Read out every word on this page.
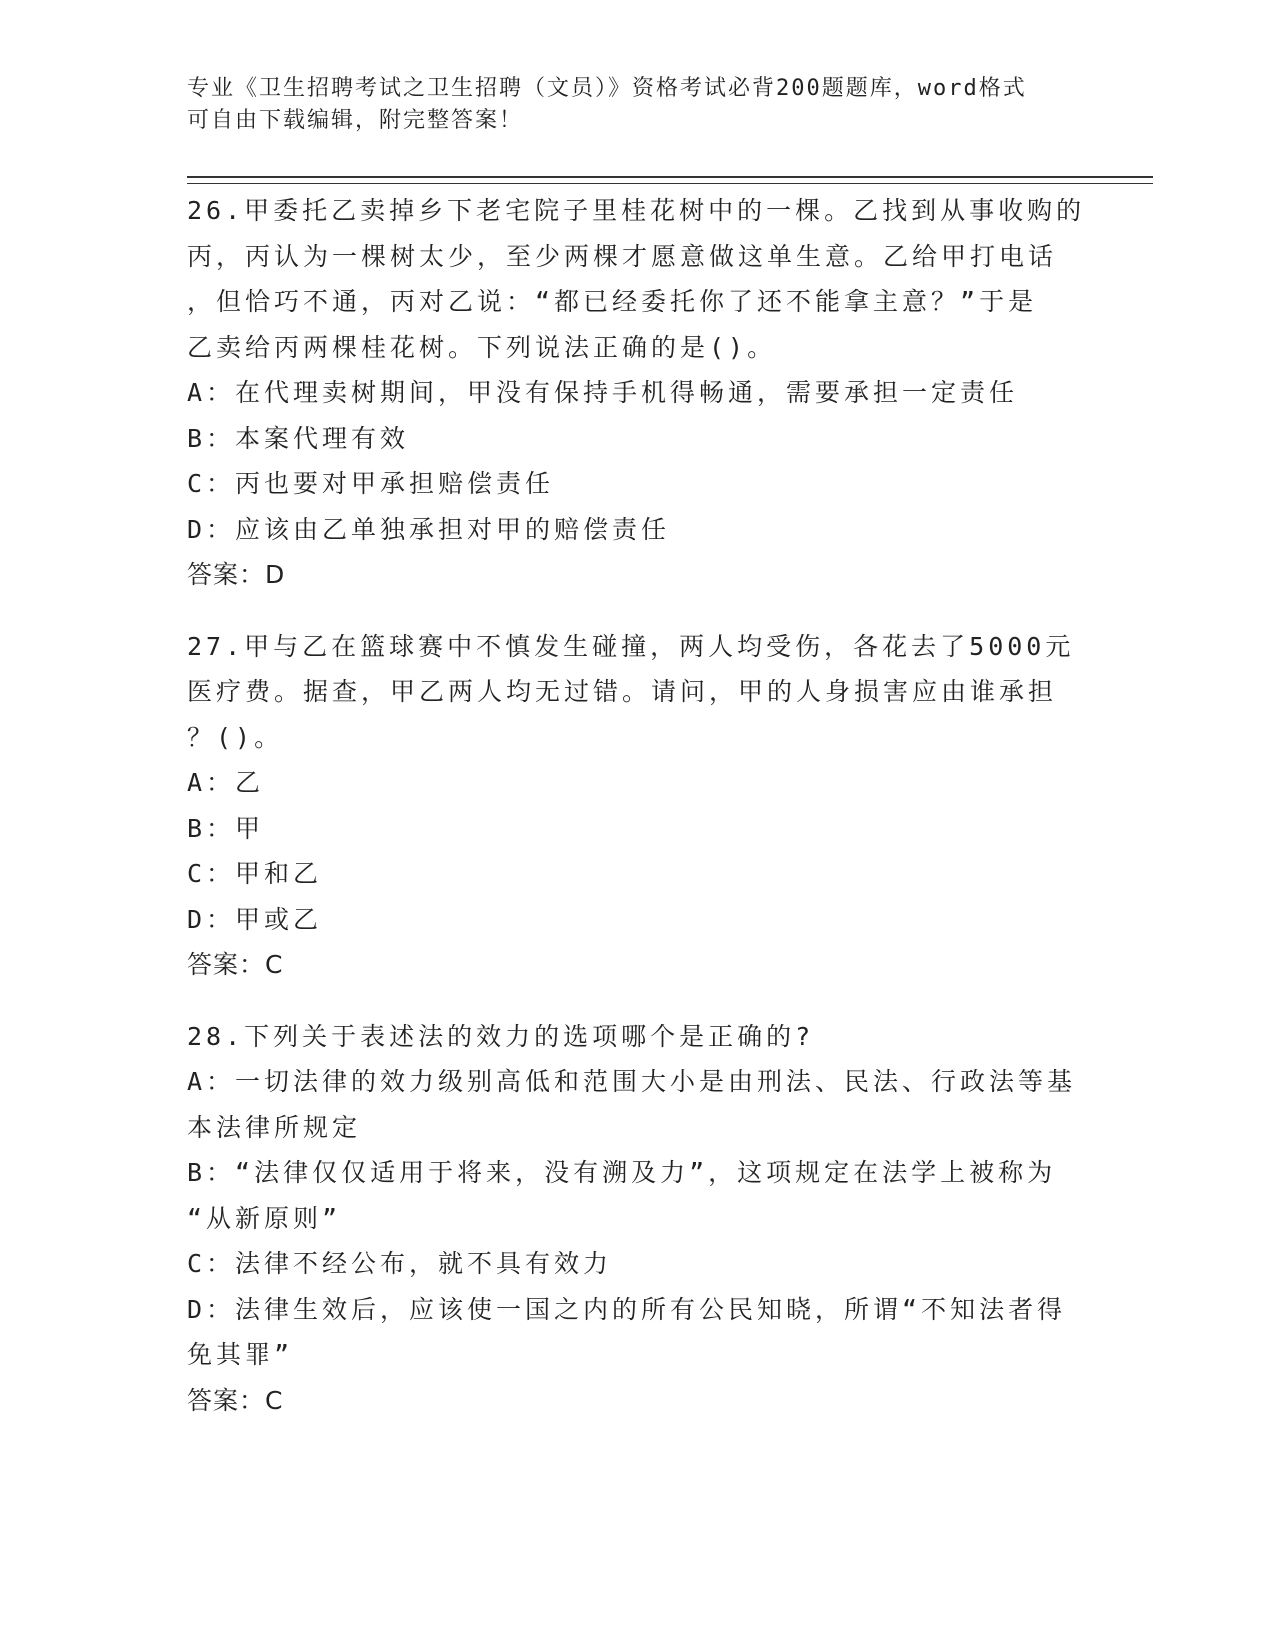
专业《卫生招聘考试之卫生招聘（文员）》资格考试必背200题题库，word格式
可自由下载编辑，附完整答案！
26.甲委托乙卖掉乡下老宅院子里桂花树中的一棵。乙找到从事收购的
丙，丙认为一棵树太少，至少两棵才愿意做这单生意。乙给甲打电话
，但恰巧不通，丙对乙说：“都已经委托你了还不能拿主意？”于是
乙卖给丙两棵桂花树。下列说法正确的是()。
A：在代理卖树期间，甲没有保持手机得畅通，需要承担一定责任
B：本案代理有效
C：丙也要对甲承担赔偿责任
D：应该由乙单独承担对甲的赔偿责任
答案：D
27.甲与乙在篮球赛中不慎发生碰撞，两人均受伤，各花去了5000元
医疗费。据查，甲乙两人均无过错。请问，甲的人身损害应由谁承担
？()。
A：乙
B：甲
C：甲和乙
D：甲或乙
答案：C
28.下列关于表述法的效力的选项哪个是正确的?
A：一切法律的效力级别高低和范围大小是由刑法、民法、行政法等基
本法律所规定
B：“法律仅仅适用于将来，没有溯及力”，这项规定在法学上被称为
“从新原则”
C：法律不经公布，就不具有效力
D：法律生效后，应该使一国之内的所有公民知晓，所谓“不知法者得
免其罪”
答案：C
